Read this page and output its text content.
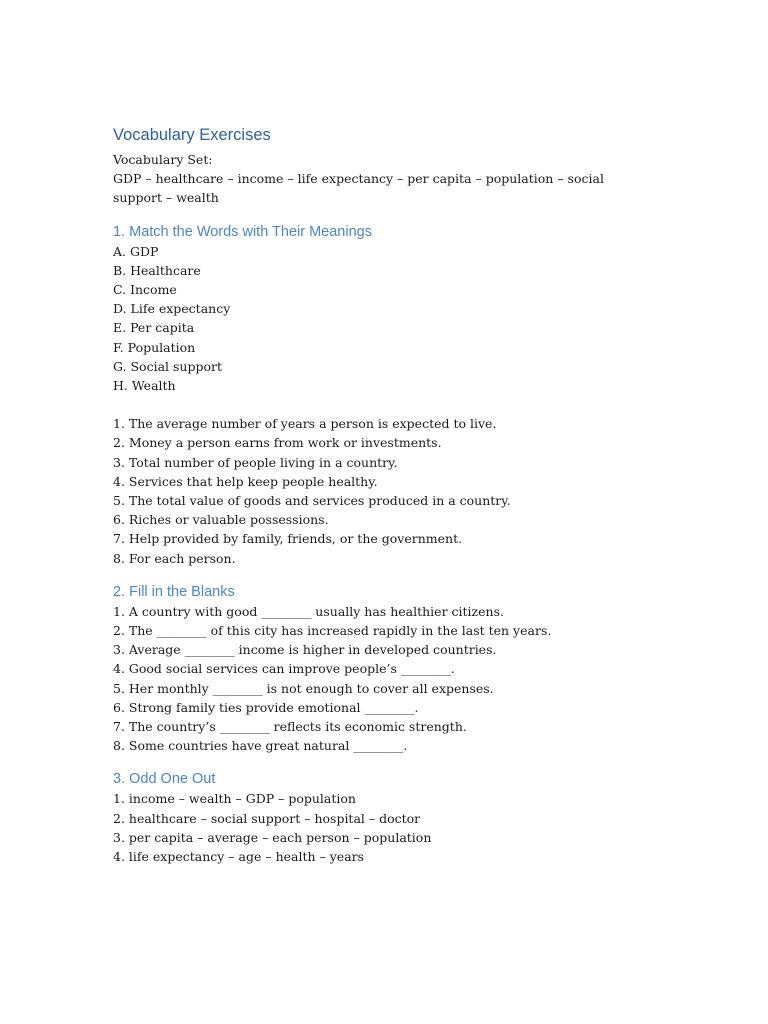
Vocabulary Exercises
Vocabulary Set:
GDP – healthcare – income – life expectancy – per capita – population – social support – wealth
1. Match the Words with Their Meanings
A. GDP
B. Healthcare
C. Income
D. Life expectancy
E. Per capita
F. Population
G. Social support
H. Wealth
1. The average number of years a person is expected to live.
2. Money a person earns from work or investments.
3. Total number of people living in a country.
4. Services that help keep people healthy.
5. The total value of goods and services produced in a country.
6. Riches or valuable possessions.
7. Help provided by family, friends, or the government.
8. For each person.
2. Fill in the Blanks
1. A country with good ________ usually has healthier citizens.
2. The ________ of this city has increased rapidly in the last ten years.
3. Average ________ income is higher in developed countries.
4. Good social services can improve people’s ________.
5. Her monthly ________ is not enough to cover all expenses.
6. Strong family ties provide emotional ________.
7. The country’s ________ reflects its economic strength.
8. Some countries have great natural ________.
3. Odd One Out
1. income – wealth – GDP – population
2. healthcare – social support – hospital – doctor
3. per capita – average – each person – population
4. life expectancy – age – health – years
